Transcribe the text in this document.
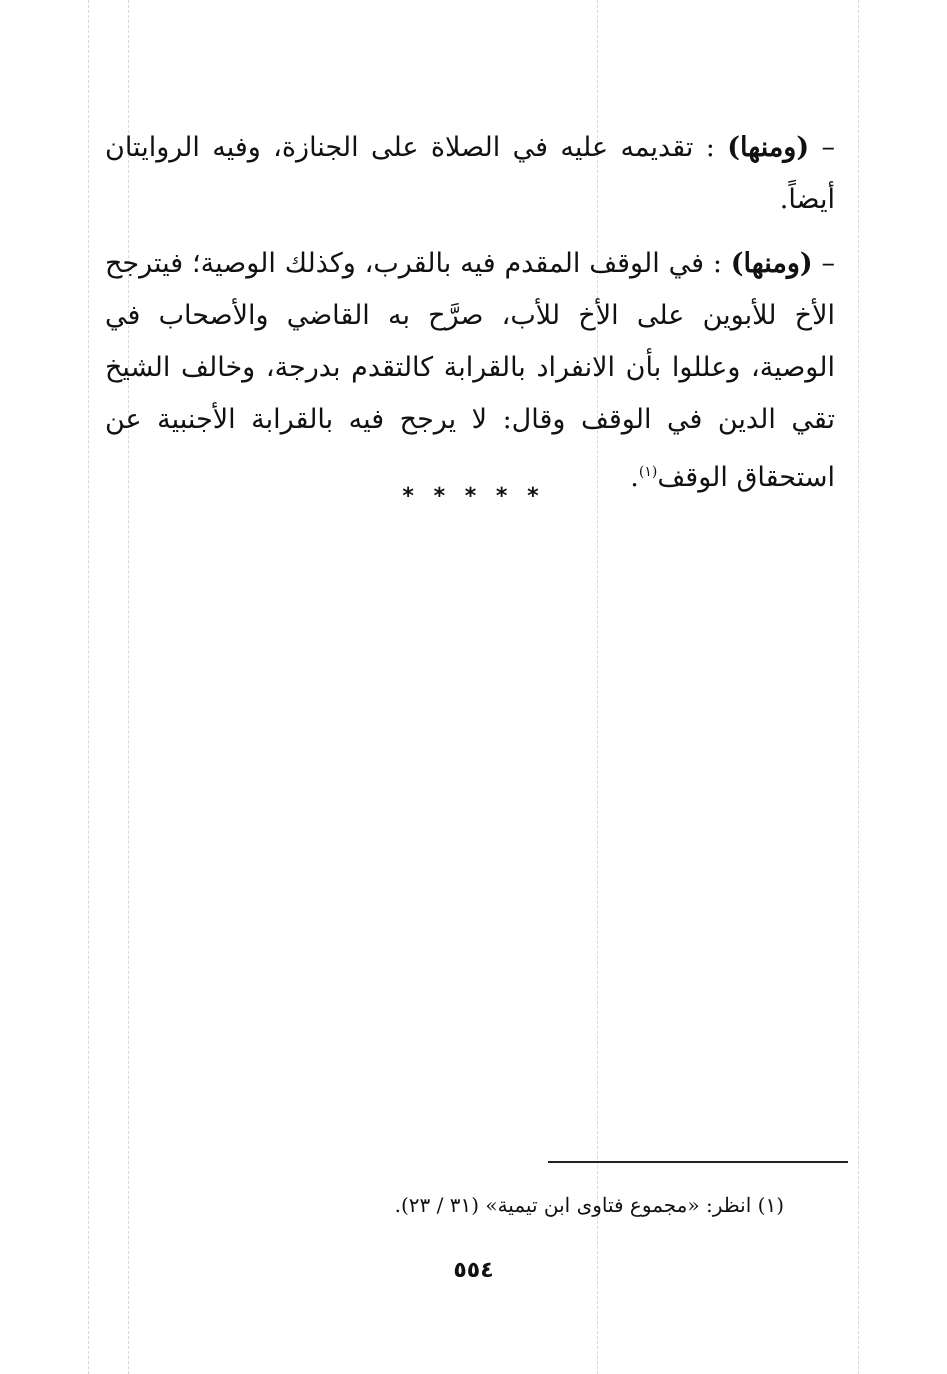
– (ومنها) : تقديمه عليه في الصلاة على الجنازة، وفيه الروايتان أيضاً.

– (ومنها) : في الوقف المقدم فيه بالقرب، وكذلك الوصية؛ فيترجح الأخ للأبوين على الأخ للأب، صرَّح به القاضي والأصحاب في الوصية، وعللوا بأن الانفراد بالقرابة كالتقدم بدرجة، وخالف الشيخ تقي الدين في الوقف وقال: لا يرجح فيه بالقرابة الأجنبية عن استحقاق الوقف$^{(١)}$.

* * * * *

(١) انظر: «مجموع فتاوى ابن تيمية» (٣١ / ٢٣).

٥٥٤
